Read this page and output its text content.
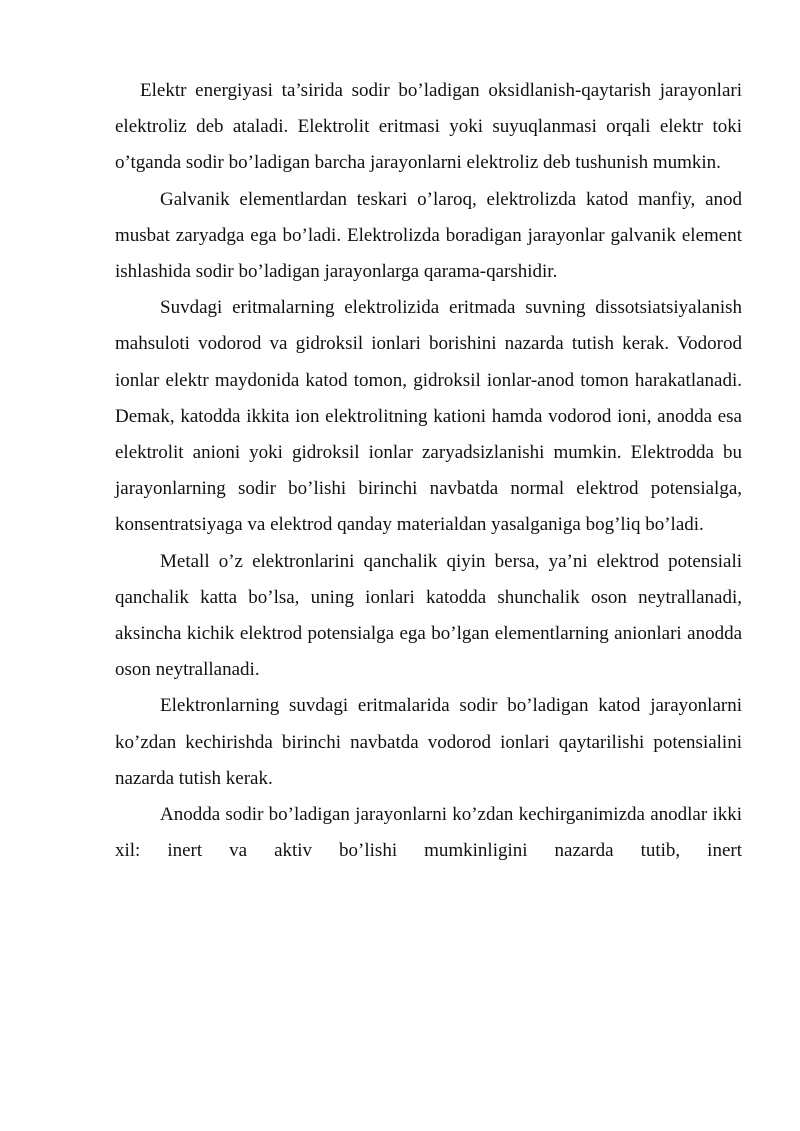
Elektr energiyasi ta’sirida sodir bo’ladigan oksidlanish-qaytarish jarayonlari elektroliz deb ataladi. Elektrolit eritmasi yoki suyuqlanmasi orqali elektr toki o’tganda sodir bo’ladigan barcha jarayonlarni elektroliz deb tushunish mumkin.

Galvanik elementlardan teskari o’laroq, elektrolizda katod manfiy, anod musbat zaryadga ega bo’ladi. Elektrolizda boradigan jarayonlar galvanik element ishlashida sodir bo’ladigan jarayonlarga qarama-qarshidir.

Suvdagi eritmalarning elektrolizida eritmada suvning dissotsiatsiyalanish mahsuloti vodorod va gidroksil ionlari borishini nazarda tutish kerak. Vodorod ionlar elektr maydonida katod tomon, gidroksil ionlar-anod tomon harakatlanadi. Demak, katodda ikkita ion elektrolitning kationi hamda vodorod ioni, anodda esa elektrolit anioni yoki gidroksil ionlar zaryadsizlanishi mumkin. Elektrodda bu jarayonlarning sodir bo’lishi birinchi navbatda normal elektrod potensialga, konsentratsiyaga va elektrod qanday materialdan yasalganiga bog’liq bo’ladi.

Metall o’z elektronlarini qanchalik qiyin bersa, ya’ni elektrod potensiali qanchalik katta bo’lsa, uning ionlari katodda shunchalik oson neytrallanadi, aksincha kichik elektrod potensialga ega bo’lgan elementlarning anionlari anodda oson neytrallanadi.

Elektronlarning suvdagi eritmalarida sodir bo’ladigan katod jarayonlarni ko’zdan kechirishda birinchi navbatda vodorod ionlari qaytarilishi potensialini nazarda tutish kerak.

Anodda sodir bo’ladigan jarayonlarni ko’zdan kechirganimizda anodlar ikki xil: inert va aktiv bo’lishi mumkinligini nazarda tutib, inert
